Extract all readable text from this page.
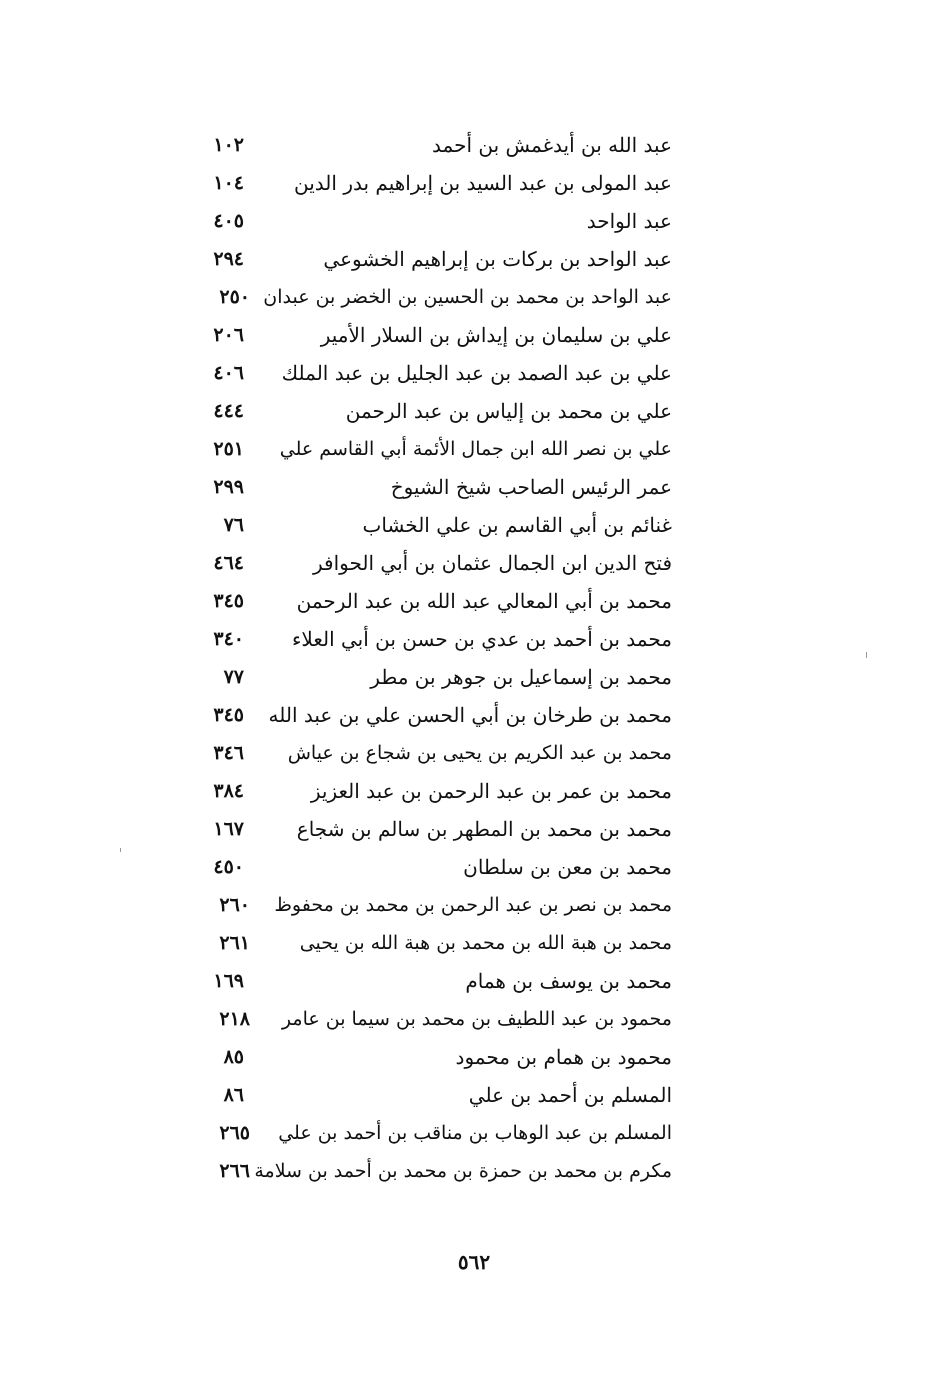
عبد الله بن أيدغمش بن أحمد
١٠٢
عبد المولى بن عبد السيد بن إبراهيم بدر الدين
١٠٤
عبد الواحد
٤٠٥
عبد الواحد بن بركات بن إبراهيم الخشوعي
٢٩٤
عبد الواحد بن محمد بن الحسين بن الخضر بن عبدان
٢٥٠
علي بن سليمان بن إيداش بن السلار الأمير
٢٠٦
علي بن عبد الصمد بن عبد الجليل بن عبد الملك
٤٠٦
علي بن محمد بن إلياس بن عبد الرحمن
٤٤٤
علي بن نصر الله ابن جمال الأئمة أبي القاسم علي
٢٥١
عمر الرئيس الصاحب شيخ الشيوخ
٢٩٩
غنائم بن أبي القاسم بن علي الخشاب
٧٦
فتح الدين ابن الجمال عثمان بن أبي الحوافر
٤٦٤
محمد بن أبي المعالي عبد الله بن عبد الرحمن
٣٤٥
محمد بن أحمد بن عدي بن حسن بن أبي العلاء
٣٤٠
محمد بن إسماعيل بن جوهر بن مطر
٧٧
محمد بن طرخان بن أبي الحسن علي بن عبد الله
٣٤٥
محمد بن عبد الكريم بن يحيى بن شجاع بن عياش
٣٤٦
محمد بن عمر بن عبد الرحمن بن عبد العزيز
٣٨٤
محمد بن محمد بن المطهر بن سالم بن شجاع
١٦٧
محمد بن معن بن سلطان
٤٥٠
محمد بن نصر بن عبد الرحمن بن محمد بن محفوظ
٢٦٠
محمد بن هبة الله بن محمد بن هبة الله بن يحيى
٢٦١
محمد بن يوسف بن همام
١٦٩
محمود بن عبد اللطيف بن محمد بن سيما بن عامر
٢١٨
محمود بن همام بن محمود
٨٥
المسلم بن أحمد بن علي
٨٦
المسلم بن عبد الوهاب بن مناقب بن أحمد بن علي
٢٦٥
مكرم بن محمد بن حمزة بن محمد بن أحمد بن سلامة
٢٦٦
٥٦٢
